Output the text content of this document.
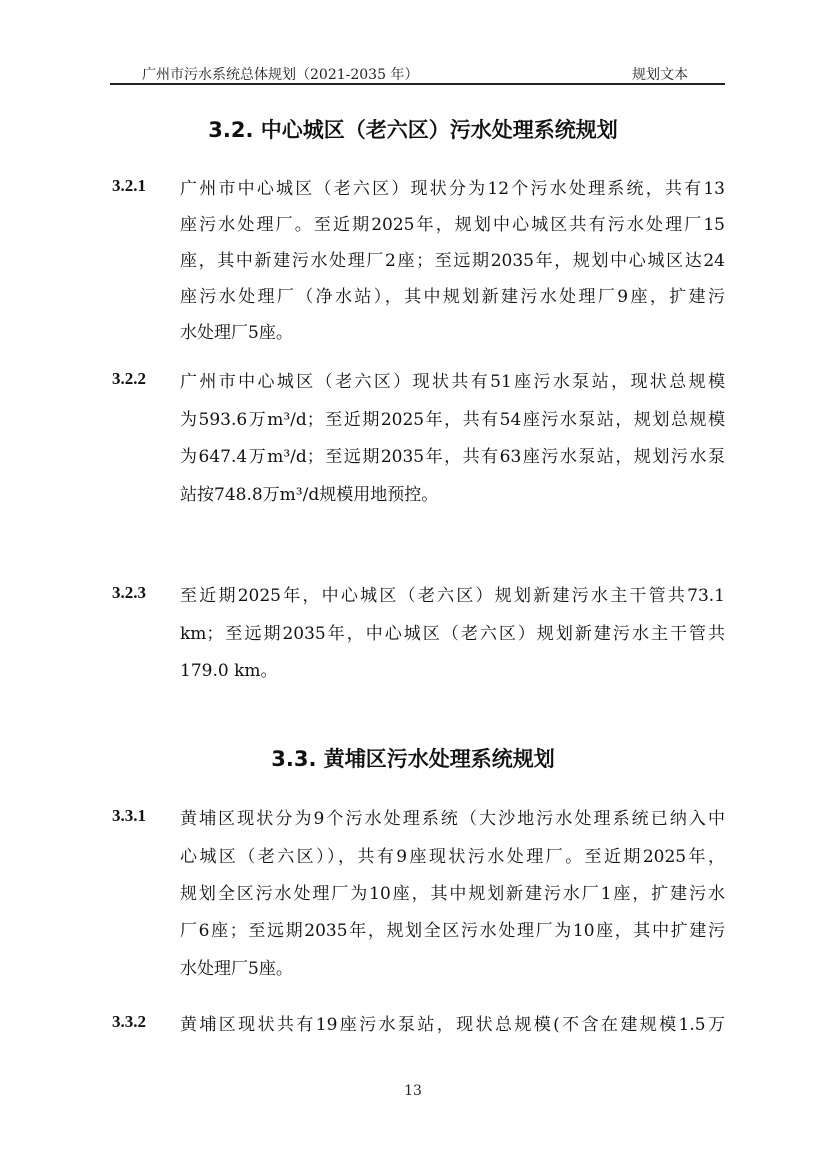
广州市污水系统总体规划（2021-2035 年）	规划文本
3.2. 中心城区（老六区）污水处理系统规划
3.2.1 广州市中心城区（老六区）现状分为12个污水处理系统，共有13
座污水处理厂。至近期2025年，规划中心城区共有污水处理厂15
座，其中新建污水处理厂2座；至远期2035年，规划中心城区达24
座污水处理厂（净水站），其中规划新建污水处理厂9座，扩建污
水处理厂5座。
3.2.2 广州市中心城区（老六区）现状共有51座污水泵站，现状总规模
为593.6万m³/d；至近期2025年，共有54座污水泵站，规划总规模
为647.4万m³/d；至远期2035年，共有63座污水泵站，规划污水泵
站按748.8万m³/d规模用地预控。
3.2.3 至近期2025年，中心城区（老六区）规划新建污水主干管共73.1
km；至远期2035年，中心城区（老六区）规划新建污水主干管共
179.0 km。
3.3. 黄埔区污水处理系统规划
3.3.1 黄埔区现状分为9个污水处理系统（大沙地污水处理系统已纳入中
心城区（老六区）），共有9座现状污水处理厂。至近期2025年，
规划全区污水处理厂为10座，其中规划新建污水厂1座，扩建污水
厂6座；至远期2035年，规划全区污水处理厂为10座，其中扩建污
水处理厂5座。
3.3.2 黄埔区现状共有19座污水泵站，现状总规模(不含在建规模1.5万
13
